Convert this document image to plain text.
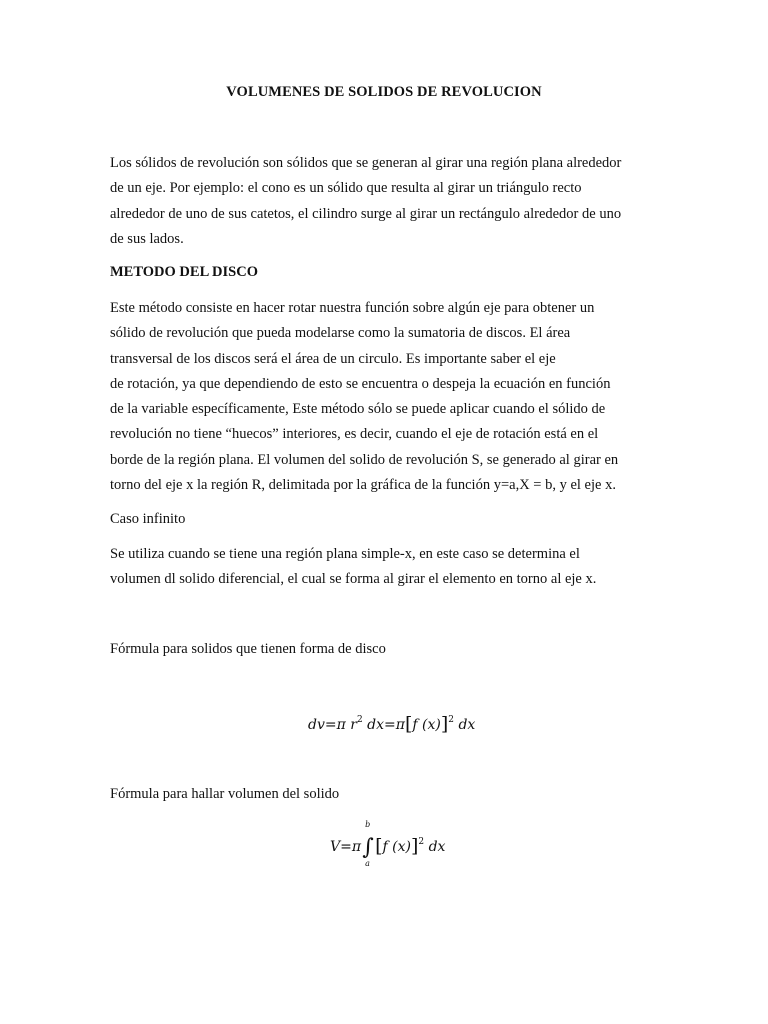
VOLUMENES DE SOLIDOS DE REVOLUCION
Los sólidos de revolución son sólidos que se generan al girar una región plana alrededor
de un eje. Por ejemplo: el cono es un sólido que resulta al girar un triángulo recto
alrededor de uno de sus catetos, el cilindro surge al girar un rectángulo alrededor de uno
de sus lados.
METODO DEL DISCO
Este método consiste en hacer rotar nuestra función sobre algún eje para obtener un
sólido de revolución que pueda modelarse como la sumatoria de discos. El área
transversal de los discos será el área de un circulo. Es importante saber el eje
de rotación, ya que dependiendo de esto se encuentra o despeja la ecuación en función
de la variable específicamente, Este método sólo se puede aplicar cuando el sólido de
revolución no tiene “huecos” interiores, es decir, cuando el eje de rotación está en el
borde de la región plana. El volumen del solido de revolución S, se generado al girar en
torno del eje x la región R, delimitada por la gráfica de la función y=a,X = b, y el eje x.
Caso infinito
Se utiliza cuando se tiene una región plana simple-x, en este caso se determina el
volumen dl solido diferencial, el cual se forma al girar el elemento en torno al eje x.
Fórmula para solidos que tienen forma de disco
dv=π $r^2$ dx=π[f (x)]$^2$ dx
Fórmula para hallar volumen del solido
V=π
b
∫
a
[f (x)]$^2$ dx
